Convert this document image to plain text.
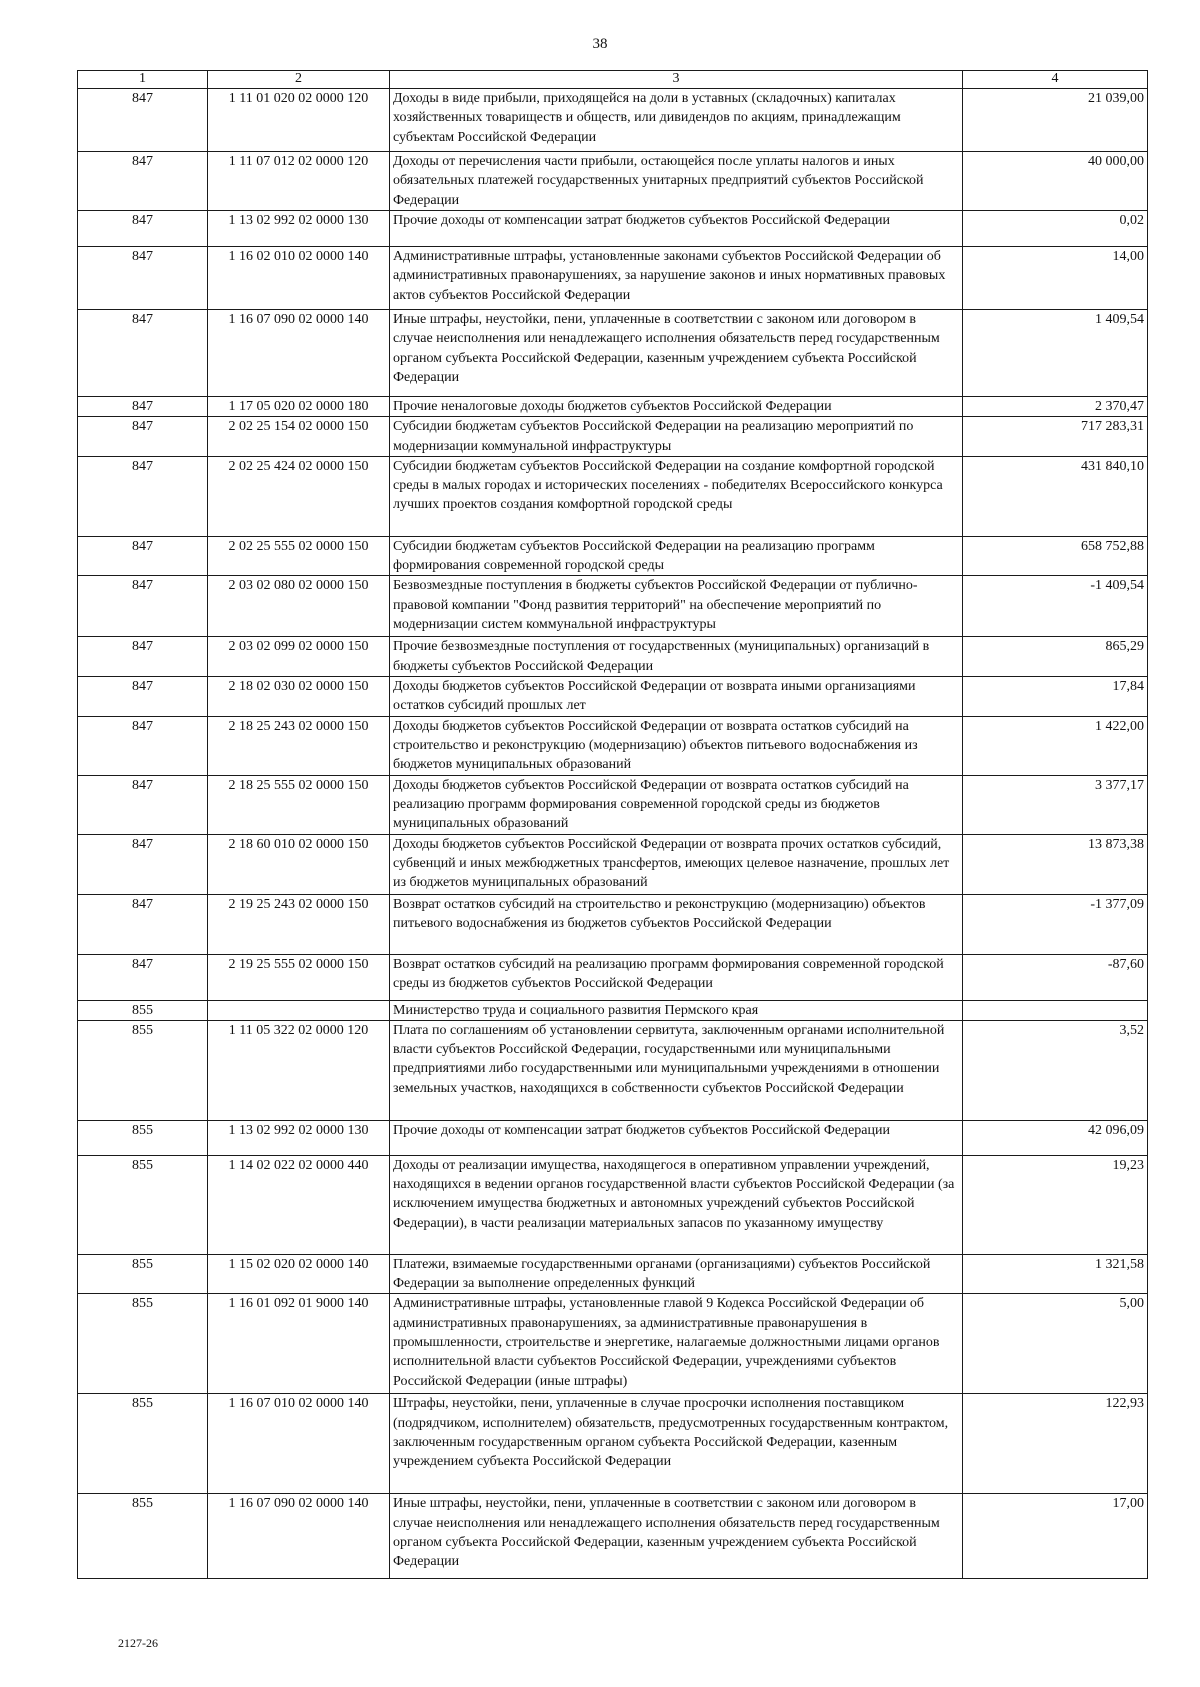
38
1	2	3	4
847	1 11 01 020 02 0000 120	Доходы в виде прибыли, приходящейся на доли в уставных (складочных) капиталах хозяйственных товариществ и обществ, или дивидендов по акциям, принадлежащим субъектам Российской Федерации	21 039,00
847	1 11 07 012 02 0000 120	Доходы от перечисления части прибыли, остающейся после уплаты налогов и иных обязательных платежей государственных унитарных предприятий субъектов Российской Федерации	40 000,00
847	1 13 02 992 02 0000 130	Прочие доходы от компенсации затрат бюджетов субъектов Российской Федерации	0,02
847	1 16 02 010 02 0000 140	Административные штрафы, установленные законами субъектов Российской Федерации об административных правонарушениях, за нарушение законов и иных нормативных правовых актов субъектов Российской Федерации	14,00
847	1 16 07 090 02 0000 140	Иные штрафы, неустойки, пени, уплаченные в соответствии с законом или договором в случае неисполнения или ненадлежащего исполнения обязательств перед государственным органом субъекта Российской Федерации, казенным учреждением субъекта Российской Федерации	1 409,54
847	1 17 05 020 02 0000 180	Прочие неналоговые доходы бюджетов субъектов Российской Федерации	2 370,47
847	2 02 25 154 02 0000 150	Субсидии бюджетам субъектов Российской Федерации на реализацию мероприятий по модернизации коммунальной инфраструктуры	717 283,31
847	2 02 25 424 02 0000 150	Субсидии бюджетам субъектов Российской Федерации на создание комфортной городской среды в малых городах и исторических поселениях - победителях Всероссийского конкурса лучших проектов создания комфортной городской среды	431 840,10
847	2 02 25 555 02 0000 150	Субсидии бюджетам субъектов Российской Федерации на реализацию программ формирования современной городской среды	658 752,88
847	2 03 02 080 02 0000 150	Безвозмездные поступления в бюджеты субъектов Российской Федерации от публично-правовой компании "Фонд развития территорий" на обеспечение мероприятий по модернизации систем коммунальной инфраструктуры	-1 409,54
847	2 03 02 099 02 0000 150	Прочие безвозмездные поступления от государственных (муниципальных) организаций в бюджеты субъектов Российской Федерации	865,29
847	2 18 02 030 02 0000 150	Доходы бюджетов субъектов Российской Федерации от возврата иными организациями остатков субсидий прошлых лет	17,84
847	2 18 25 243 02 0000 150	Доходы бюджетов субъектов Российской Федерации от возврата остатков субсидий на строительство и реконструкцию (модернизацию) объектов питьевого водоснабжения из бюджетов муниципальных образований	1 422,00
847	2 18 25 555 02 0000 150	Доходы бюджетов субъектов Российской Федерации от возврата остатков субсидий на реализацию программ формирования современной городской среды из бюджетов муниципальных образований	3 377,17
847	2 18 60 010 02 0000 150	Доходы бюджетов субъектов Российской Федерации от возврата прочих остатков субсидий, субвенций и иных межбюджетных трансфертов, имеющих целевое назначение, прошлых лет из бюджетов муниципальных образований	13 873,38
847	2 19 25 243 02 0000 150	Возврат остатков субсидий на строительство и реконструкцию (модернизацию) объектов питьевого водоснабжения из бюджетов субъектов Российской Федерации	-1 377,09
847	2 19 25 555 02 0000 150	Возврат остатков субсидий на реализацию программ формирования современной городской среды из бюджетов субъектов Российской Федерации	-87,60
855		Министерство труда и социального развития Пермского края	
855	1 11 05 322 02 0000 120	Плата по соглашениям об установлении сервитута, заключенным органами исполнительной власти субъектов Российской Федерации, государственными или муниципальными предприятиями либо государственными или муниципальными учреждениями в отношении земельных участков, находящихся в собственности субъектов Российской Федерации	3,52
855	1 13 02 992 02 0000 130	Прочие доходы от компенсации затрат бюджетов субъектов Российской Федерации	42 096,09
855	1 14 02 022 02 0000 440	Доходы от реализации имущества, находящегося в оперативном управлении учреждений, находящихся в ведении органов государственной власти субъектов Российской Федерации (за исключением имущества бюджетных и автономных учреждений субъектов Российской Федерации), в части реализации материальных запасов по указанному имуществу	19,23
855	1 15 02 020 02 0000 140	Платежи, взимаемые государственными органами (организациями) субъектов Российской Федерации за выполнение определенных функций	1 321,58
855	1 16 01 092 01 9000 140	Административные штрафы, установленные главой 9 Кодекса Российской Федерации об административных правонарушениях, за административные правонарушения в промышленности, строительстве и энергетике, налагаемые должностными лицами органов исполнительной власти субъектов Российской Федерации, учреждениями субъектов Российской Федерации (иные штрафы)	5,00
855	1 16 07 010 02 0000 140	Штрафы, неустойки, пени, уплаченные в случае просрочки исполнения поставщиком (подрядчиком, исполнителем) обязательств, предусмотренных государственным контрактом, заключенным государственным органом субъекта Российской Федерации, казенным учреждением субъекта Российской Федерации	122,93
855	1 16 07 090 02 0000 140	Иные штрафы, неустойки, пени, уплаченные в соответствии с законом или договором в случае неисполнения или ненадлежащего исполнения обязательств перед государственным органом субъекта Российской Федерации, казенным учреждением субъекта Российской Федерации	17,00
2127-26
